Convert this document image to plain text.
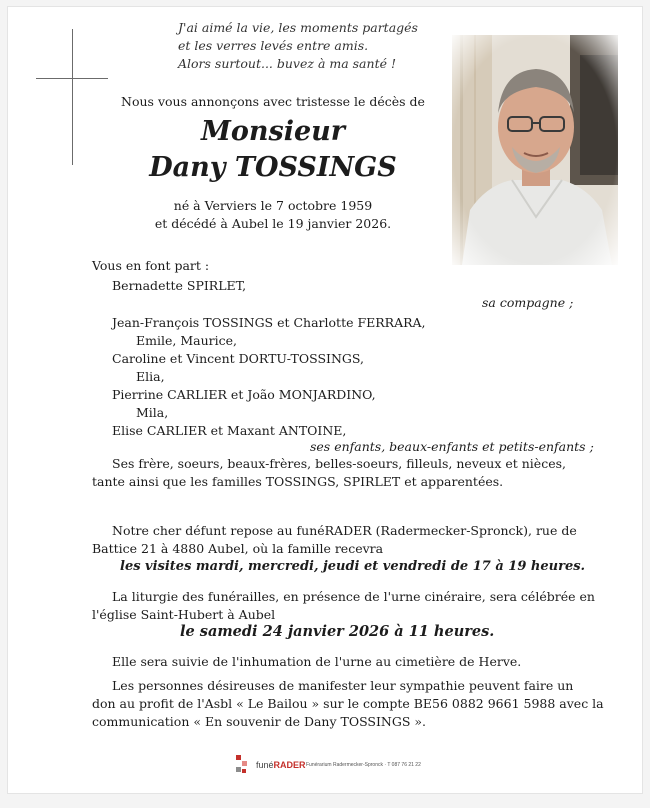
J'ai aimé la vie, les moments partagés
et les verres levés entre amis.
Alors surtout... buvez à ma santé !
Nous vous annonçons avec tristesse le décès de
Monsieur
Dany TOSSINGS
né à Verviers le 7 octobre 1959
et décédé à Aubel le 19 janvier 2026.
Vous en font part :
Bernadette SPIRLET,
sa compagne ;
Jean-François TOSSINGS et Charlotte FERRARA,
Emile, Maurice,
Caroline et Vincent DORTU-TOSSINGS,
Elia,
Pierrine CARLIER et João MONJARDINO,
Mila,
Elise CARLIER et Maxant ANTOINE,
ses enfants, beaux-enfants et petits-enfants ;
Ses frère, soeurs, beaux-frères, belles-soeurs, filleuls, neveux et nièces,
tante ainsi que les familles TOSSINGS, SPIRLET et apparentées.
Notre cher défunt repose au funéRADER (Radermecker-Spronck), rue de
Battice 21 à 4880 Aubel, où la famille recevra
les visites mardi, mercredi, jeudi et vendredi de 17 à 19 heures.
La liturgie des funérailles, en présence de l'urne cinéraire, sera célébrée en
l'église Saint-Hubert à Aubel
le samedi 24 janvier 2026 à 11 heures.
Elle sera suivie de l'inhumation de l'urne au cimetière de Herve.
Les personnes désireuses de manifester leur sympathie peuvent faire un
don au profit de l'Asbl « Le Bailou » sur le compte BE56 0882 9661 5988 avec la
communication « En souvenir de Dany TOSSINGS ».
funéRADER Funérarium Radermecker-Spronck · T 087 76 21 22
